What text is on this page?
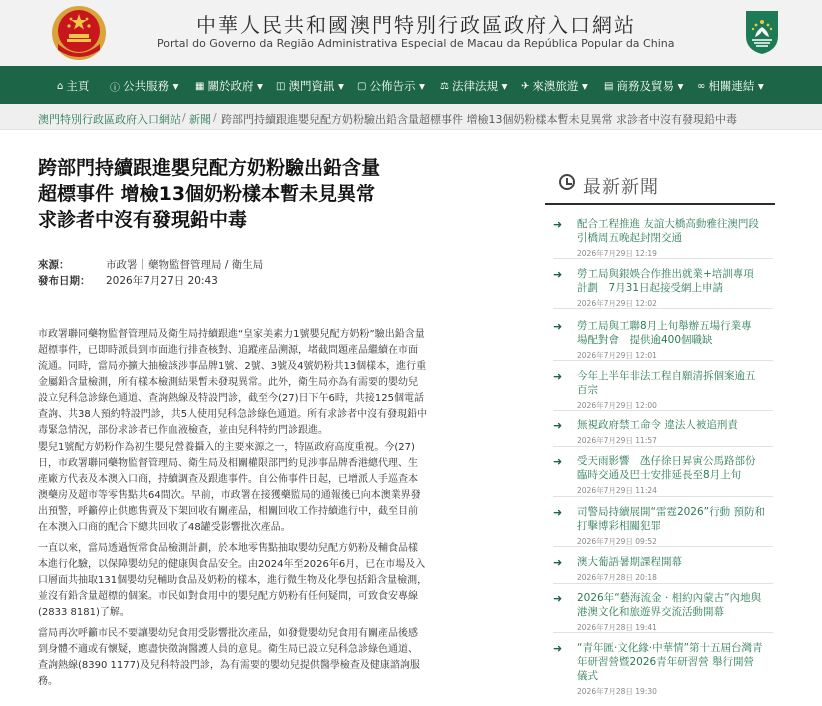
中華人民共和國澳門特別行政區政府入口網站
Portal do Governo da Região Administrativa Especial de Macau da República Popular da China
⌂ 主頁 ⓘ 公共服務 ▾ ▦ 關於政府 ▾ ◫ 澳門資訊 ▾ ▢ 公佈告示 ▾ ⚖ 法律法規 ▾ ✈ 來澳旅遊 ▾ ▤ 商務及貿易 ▾ ∞ 相關連結 ▾
澳門特別行政區政府入口網站 / 新聞 / 跨部門持續跟進嬰兒配方奶粉驗出鉛含量超標事件 增檢13個奶粉樣本暫未見異常 求診者中沒有發現鉛中毒
跨部門持續跟進嬰兒配方奶粉驗出鉛含量
超標事件 增檢13個奶粉樣本暫未見異常
求診者中沒有發現鉛中毒
來源：	市政署｜藥物監督管理局 / 衛生局
發布日期： 2026年7月27日 20:43
市政署聯同藥物監督管理局及衛生局持續跟進“皇家美素力1號嬰兒配方奶粉”驗出鉛含量
超標事件，已即時派員到市面進行排查核對、追蹤產品溯源，堵截問題產品繼續在市面
流通。同時，當局亦擴大抽檢該涉事品牌1號、2號、3號及4號奶粉共13個樣本，進行重
金屬鉛含量檢測，所有樣本檢測結果暫未發現異常。此外，衛生局亦為有需要的嬰幼兒
設立兒科急診綠色通道、查詢熱線及特設門診，截至今(27)日下午6時，共接125個電話
查詢、共38人預約特設門診，共5人使用兒科急診綠色通道。所有求診者中沒有發現鉛中
毒緊急情況，部份求診者已作血液檢查，並由兒科特約門診跟進。
嬰兒1號配方奶粉作為初生嬰兒營養攝入的主要來源之一，特區政府高度重視。今(27)
日，市政署聯同藥物監督管理局、衛生局及相關權限部門約見涉事品牌香港總代理、生
產廠方代表及本澳入口商，持續調查及跟進事件。自公佈事件日起，已增派人手巡查本
澳藥房及超市等零售點共64間次。早前，市政署在接獲藥監局的通報後已向本澳業界發
出預警，呼籲停止供應售賣及下架回收有關產品，相關回收工作持續進行中，截至目前
在本澳入口商的配合下總共回收了48罐受影響批次產品。
一直以來，當局透過恆常食品檢測計劃，於本地零售點抽取嬰幼兒配方奶粉及輔食品樣
本進行化驗，以保障嬰幼兒的健康與食品安全。由2024年至2026年6月，已在市場及入
口層面共抽取131個嬰幼兒輔助食品及奶粉的樣本，進行微生物及化學包括鉛含量檢測，
並沒有鉛含量超標的個案。市民如對食用中的嬰兒配方奶粉有任何疑問，可致食安專線
(2833 8181)了解。
當局再次呼籲市民不要讓嬰幼兒食用受影響批次產品，如發覺嬰幼兒食用有關產品後感
到身體不適或有懷疑，應盡快徵詢醫護人員的意見。衛生局已設立兒科急診綠色通道、
查詢熱線(8390 1177)及兒科特設門診，為有需要的嬰幼兒提供醫學檢查及健康諮詢服
務。
最新新聞
➜ 配合工程推進 友誼大橋高動雅往澳門段
引橋周五晚起封閉交通
2026年7月29日 12:19
➜ 勞工局與銀娛合作推出就業+培訓專項
計劃　7月31日起接受網上申請
2026年7月29日 12:02
➜ 勞工局與工聯8月上旬舉辦五場行業專
場配對會　提供逾400個職缺
2026年7月29日 12:01
➜ 今年上半年非法工程自願清拆個案逾五
百宗
2026年7月29日 12:00
➜ 無視政府禁工命令 違法人被追刑責
2026年7月29日 11:57
➜ 受天雨影響　氹仔徐日昇寅公馬路部份
臨時交通及巴士安排延長至8月上旬
2026年7月29日 11:24
➜ 司警局持續展開“雷霆2026”行動 預防和
打擊博彩相關犯罪
2026年7月29日 09:52
➜ 澳大葡語暑期課程開幕
2026年7月28日 20:18
➜ 2026年“藝海流金 · 相約內蒙古”內地與
港澳文化和旅遊界交流活動開幕
2026年7月28日 19:41
➜ “青年匯·文化緣·中華情”第十五屆台灣青
年研習營暨2026青年研習營 舉行開營
儀式
2026年7月28日 19:30
